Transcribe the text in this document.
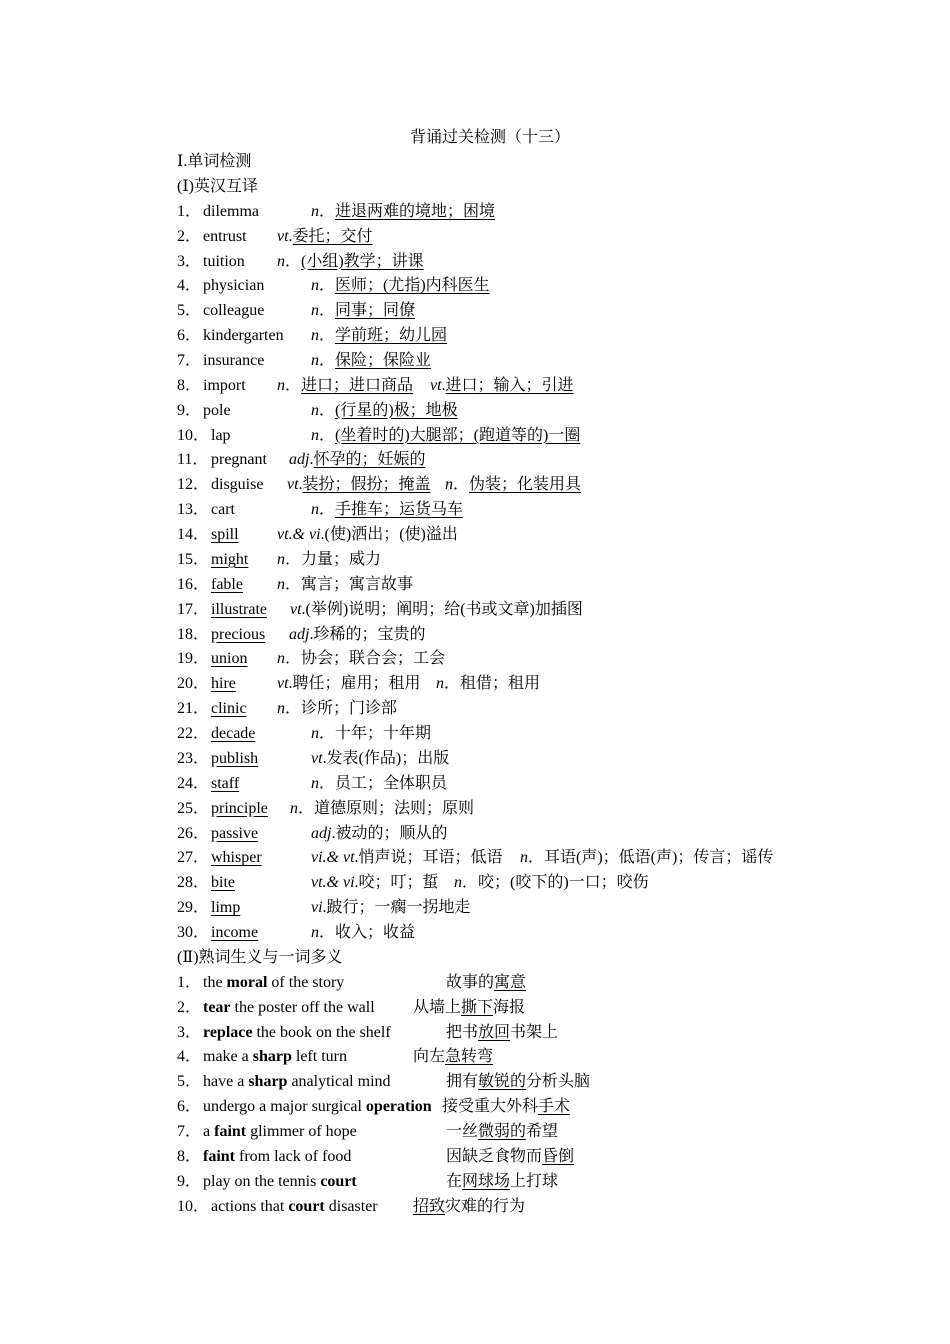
背诵过关检测（十三）
Ⅰ.单词检测
(Ⅰ)英汉互译
1． dilemma	n．进退两难的境地；困境
2． entrust vt.委托；交付
3． tuition n．(小组)教学；讲课
4． physician	n．医师；(尤指)内科医生
5． colleague	n．同事；同僚
6． kindergarten n．学前班；幼儿园
7． insurance	n．保险；保险业
8． import n．进口；进口商品 vt.进口；输入；引进
9． pole	n．(行星的)极；地极
10． lap	n．(坐着时的)大腿部；(跑道等的)一圈
11． pregnant adj.怀孕的；妊娠的
12． disguise vt.装扮；假扮；掩盖 n．伪装；化装用具
13． cart	n．手推车；运货马车
14． spill vt.& vi.(使)洒出；(使)溢出
15． might n．力量；威力
16． fable n．寓言；寓言故事
17． illustrate vt.(举例)说明；阐明；给(书或文章)加插图
18． precious adj.珍稀的；宝贵的
19． union n．协会；联合会；工会
20． hire	vt.聘任；雇用；租用 n．租借；租用
21． clinic n．诊所；门诊部
22． decade	n．十年；十年期
23． publish	vt.发表(作品)；出版
24． staff	n．员工；全体职员
25． principle n．道德原则；法则；原则
26． passive	adj.被动的；顺从的
27． whisper	vi.& vt.悄声说；耳语；低语 n．耳语(声)；低语(声)；传言；谣传
28． bite	vt.& vi.咬；叮；蜇 n．咬；(咬下的)一口；咬伤
29． limp	vi.跛行；一瘸一拐地走
30． income	n．收入；收益
(Ⅱ)熟词生义与一词多义
1． the moral of the story	故事的寓意
2． tear the poster off the wall 从墙上撕下海报
3． replace the book on the shelf	把书放回书架上
4． make a sharp left turn	向左急转弯
5． have a sharp analytical mind	拥有敏锐的分析头脑
6． undergo a major surgical operation 接受重大外科手术
7． a faint glimmer of hope	一丝微弱的希望
8． faint from lack of food	因缺乏食物而昏倒
9． play on the tennis court	在网球场上打球
10． actions that court disaster 招致灾难的行为
